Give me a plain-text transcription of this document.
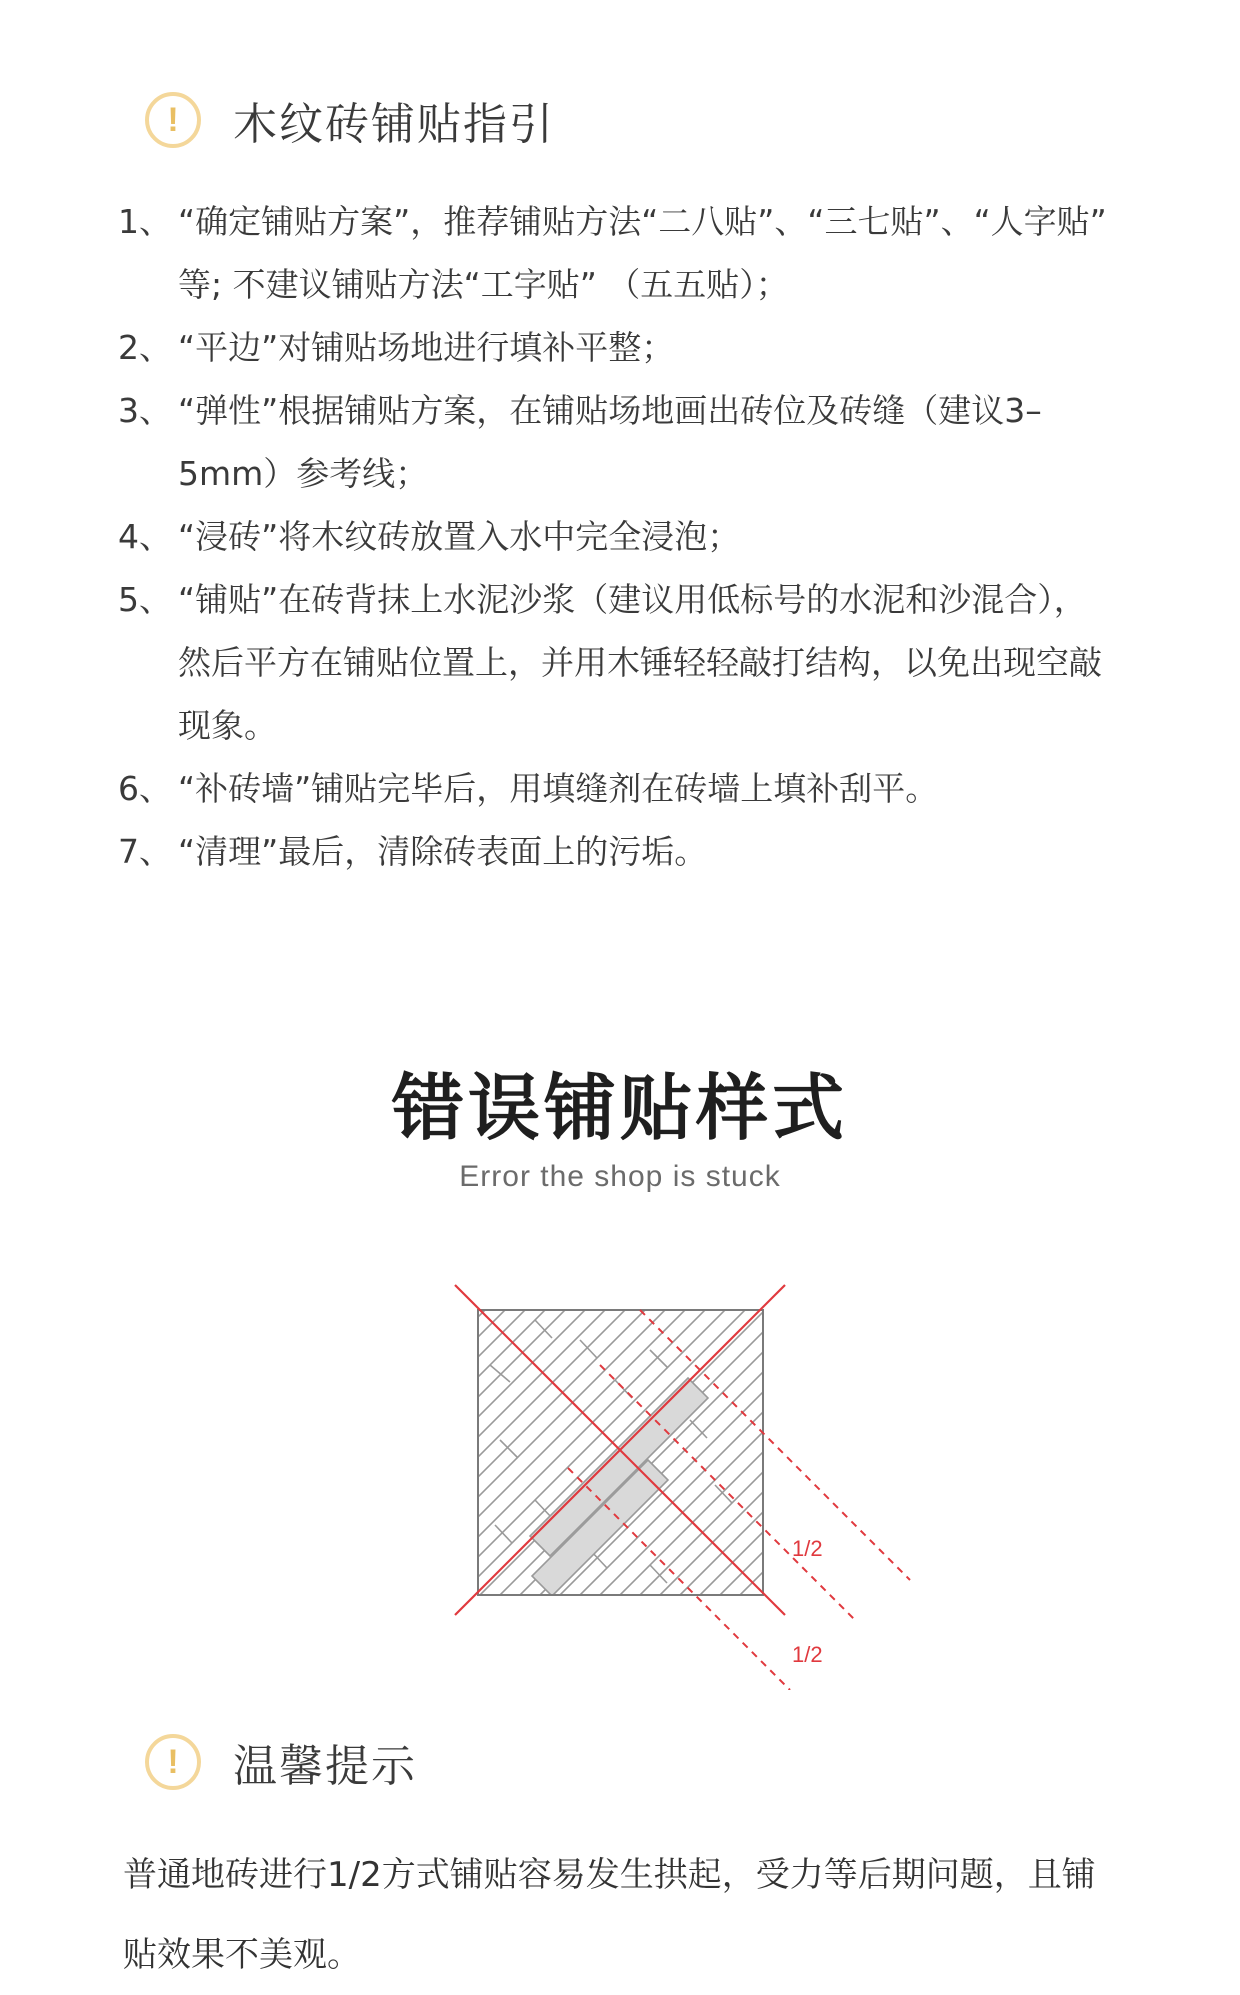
!	木纹砖铺贴指引
1、 “确定铺贴方案”，推荐铺贴方法“二八贴”、“三七贴”、“人字贴” 等; 不建议铺贴方法“工字贴” （五五贴）；
2、 “平边”对铺贴场地进行填补平整；
3、 “弹性”根据铺贴方案，在铺贴场地画出砖位及砖缝（建议3–5mm）参考线；
4、 “浸砖”将木纹砖放置入水中完全浸泡；
5、 “铺贴”在砖背抹上水泥沙浆（建议用低标号的水泥和沙混合），然后平方在铺贴位置上，并用木锤轻轻敲打结构，以免出现空敲现象。
6、 “补砖墙”铺贴完毕后，用填缝剂在砖墙上填补刮平。
7、 “清理”最后，清除砖表面上的污垢。
错误铺贴样式
Error the shop is stuck
1/2
1/2
!	温馨提示
普通地砖进行1/2方式铺贴容易发生拱起，受力等后期问题，且铺贴效果不美观。
